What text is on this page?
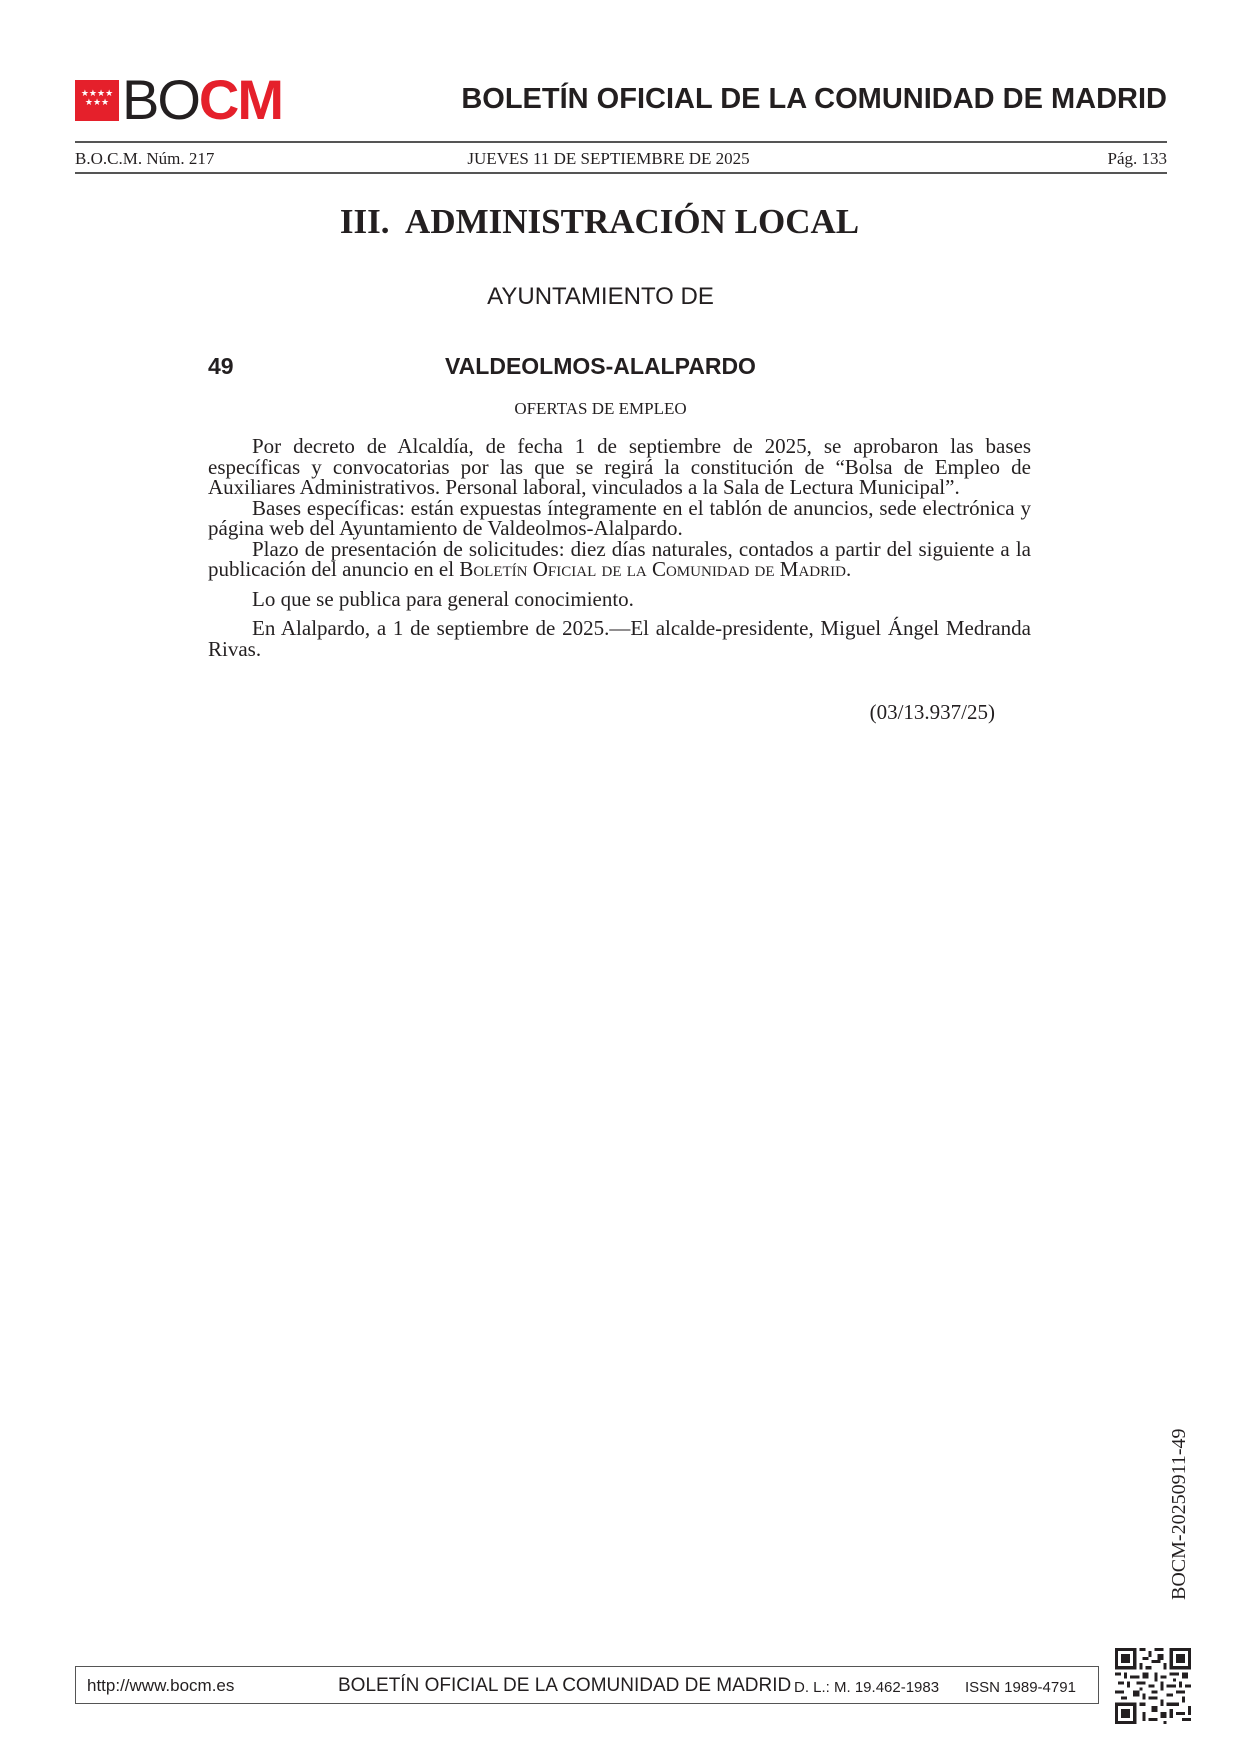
★★★★
★★★ BOCM	BOLETÍN OFICIAL DE LA COMUNIDAD DE MADRID
B.O.C.M. Núm. 217	JUEVES 11 DE SEPTIEMBRE DE 2025	Pág. 133
III.  ADMINISTRACIÓN LOCAL
AYUNTAMIENTO DE
49	VALDEOLMOS-ALALPARDO
OFERTAS DE EMPLEO

Por decreto de Alcaldía, de fecha 1 de septiembre de 2025, se aprobaron las bases específicas y convocatorias por las que se regirá la constitución de “Bolsa de Empleo de Auxiliares Administrativos. Personal laboral, vinculados a la Sala de Lectura Municipal”.

Bases específicas: están expuestas íntegramente en el tablón de anuncios, sede electrónica y página web del Ayuntamiento de Valdeolmos-Alalpardo.

Plazo de presentación de solicitudes: diez días naturales, contados a partir del siguiente a la publicación del anuncio en el Boletín Oficial de la Comunidad de Madrid.

Lo que se publica para general conocimiento.

En Alalpardo, a 1 de septiembre de 2025.—El alcalde-presidente, Miguel Ángel Medranda Rivas.

(03/13.937/25)
BOCM-20250911-49
http://www.bocm.es	BOLETÍN OFICIAL DE LA COMUNIDAD DE MADRID D. L.: M. 19.462-1983 ISSN 1989-4791
